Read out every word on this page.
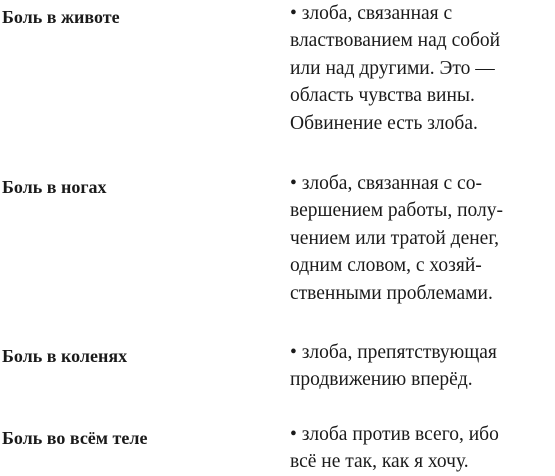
Боль в животе	• злоба, связанная с
властвованием над собой
или над другими. Это —
область чувства вины.
Обвинение есть злоба.
Боль в ногах	• злоба, связанная с со-
вершением работы, полу-
чением или тратой денег,
одним словом, с хозяй-
ственными проблемами.
Боль в коленях	• злоба, препятствующая
продвижению вперёд.
Боль во всём теле	• злоба против всего, ибо
всё не так, как я хочу.
